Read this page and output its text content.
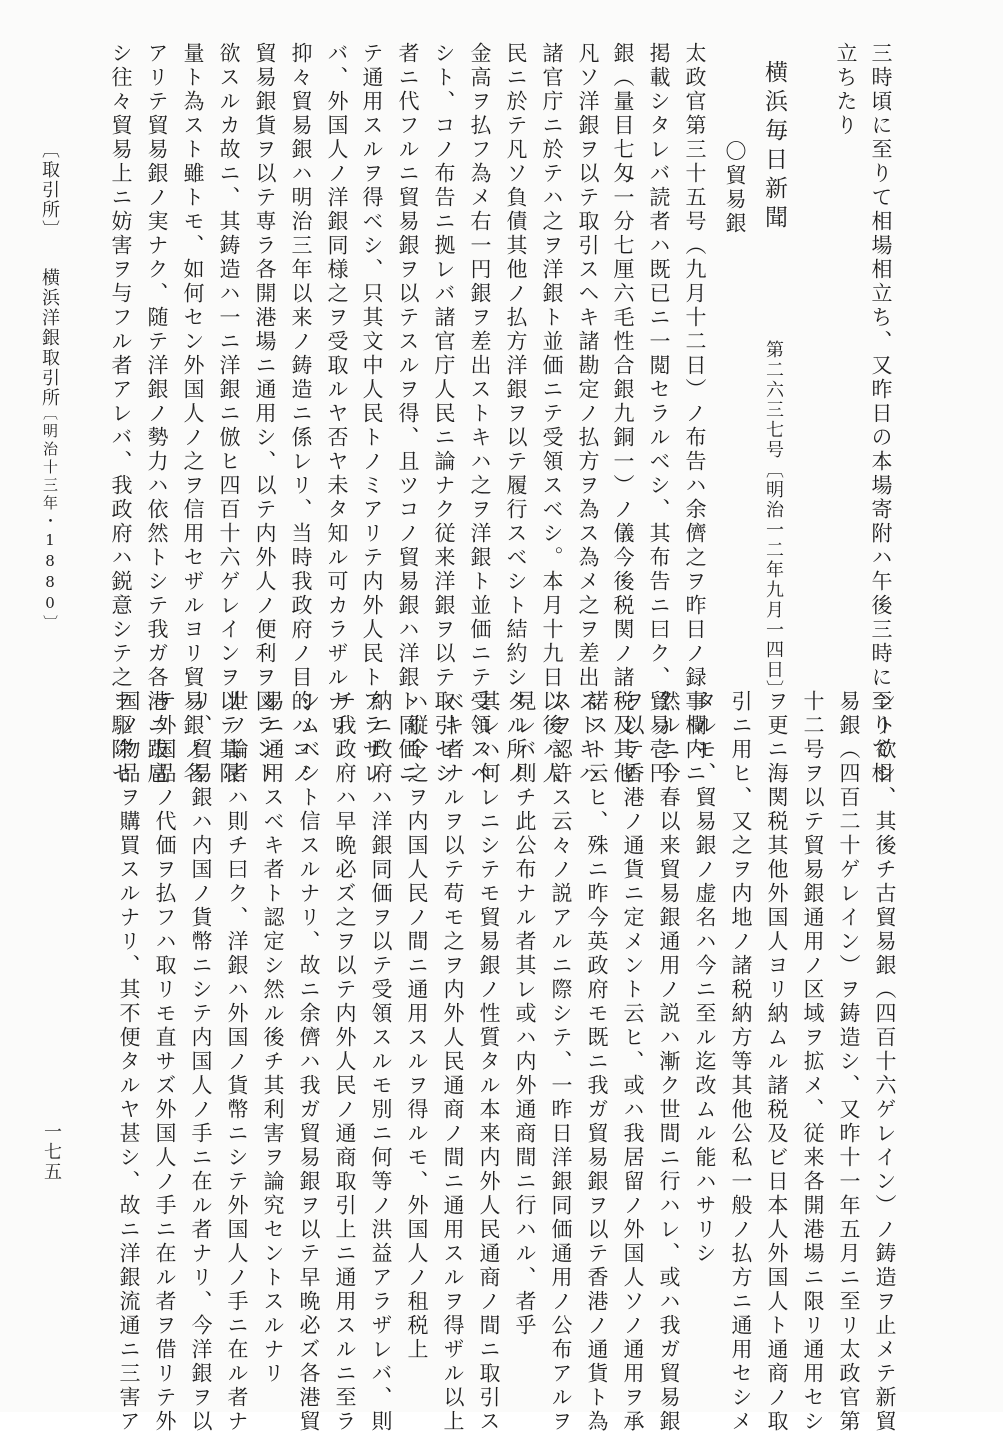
三時頃に至りて相場相立ち、又昨日の本場寄附ハ午後三時に至りて相
立ちたり
横浜毎日新聞
第二六三七号
〔明治一二年九月一四日〕
〇貿易銀
太政官第三十五号（九月十二日）ノ布告ハ余儕之ヲ昨日ノ録事欄内ニ
掲載シタレバ読者ハ既已ニ一閲セラルベシ、其布告ニ曰ク、貿易壱円
銀（量目七匁一分七厘六毛性合銀九銅一）ノ儀今後税関ノ諸税及其他
凡ソ洋銀ヲ以テ取引スヘキ諸勘定ノ払方ヲ為ス為メ之ヲ差出ストキハ
諸官庁ニ於テハ之ヲ洋銀ト並価ニテ受領スベシ。本月十九日以後ハ人
民ニ於テ凡ソ負債其他ノ払方洋銀ヲ以テ履行スベシト結約シタル所ノ
金高ヲ払フ為メ右一円銀ヲ差出ストキハ之ヲ洋銀ト並価ニテ受領スベ
シト、コノ布告ニ拠レバ諸官庁人民ニ論ナク従来洋銀ヲ以テ取引セシ
者ニ代フルニ貿易銀ヲ以テスルヲ得、且ツコノ貿易銀ハ洋銀ト同価ニ
テ通用スルヲ得ベシ、只其文中人民トノミアリテ内外人民トアラザレ
バ、外国人ノ洋銀同様之ヲ受取ルヤ否ヤ未タ知ル可カラザルナリ
抑々貿易銀ハ明治三年以来ノ鋳造ニ係レリ、当時我政府ノ目的ハコノ
貿易銀貨ヲ以テ専ラ各開港場ニ通用シ、以テ内外人ノ便利ヲ図ラント
欲スルカ故ニ、其鋳造ハ一ニ洋銀ニ倣ヒ四百十六ゲレインヲ以テ其限
量ト為スト雖トモ、如何セン外国人ノ之ヲ信用セザルヨリ貿易銀ノ名
アリテ貿易銀ノ実ナク、随テ洋銀ノ勢力ハ依然トシテ我ガ各港ニ跋扈
シ往々貿易上ニ妨害ヲ与フル者アレバ、我政府ハ鋭意シテ之ヲ駆除セ
〔取引所〕
横浜洋銀取引所
〔明治十三年・1880〕
ント欲シ、其後チ古貿易銀（四百十六ゲレイン）ノ鋳造ヲ止メテ新貿
易銀（四百二十ゲレイン）ヲ鋳造シ、又昨十一年五月ニ至リ太政官第
十二号ヲ以テ貿易銀通用ノ区域ヲ拡メ、従来各開港場ニ限リ通用セシ
ヲ更ニ海関税其他外国人ヨリ納ムル諸税及ビ日本人外国人ト通商ノ取
引ニ用ヒ、又之ヲ内地ノ諸税納方等其他公私一般ノ払方ニ通用セシメ
タルモ、貿易銀ノ虚名ハ今ニ至ル迄改ムル能ハサリシ
然ルニ今春以来貿易銀通用ノ説ハ漸ク世間ニ行ハレ、或ハ我ガ貿易銀
ヲ以テ香港ノ通貨ニ定メント云ヒ、或ハ我居留ノ外国人ソノ通用ヲ承
諾スト云ヒ、殊ニ昨今英政府モ既ニ我ガ貿易銀ヲ以テ香港ノ通貨ト為
スヲ認許ス云々ノ説アルニ際シテ、一昨日洋銀同価通用ノ公布アルヲ
見レバ則チ此公布ナル者其レ或ハ内外通商間ニ行ハル、者乎
其レハ何レニシテモ貿易銀ノ性質タル本来内外人民通商ノ間ニ取引ス
ベキ者ナルヲ以テ苟モ之ヲ内外人民通商ノ間ニ通用スルヲ得ザル以上
ハ縦令之ヲ内国人民ノ間ニ通用スルヲ得ルモ、外国人ノ租税上
納ニ政府ハ洋銀同価ヲ以テ受領スルモ別ニ何等ノ洪益アラザレバ、則
チ我政府ハ早晩必ズ之ヲ以テ内外人民ノ通商取引上ニ通用スルニ至ラ
シムベシト信スルナリ、故ニ余儕ハ我ガ貿易銀ヲ以テ早晩必ズ各港貿
易ニ通用スベキ者ト認定シ然ル後チ其利害ヲ論究セントスルナリ
世ノ論者ハ則チ曰ク、洋銀ハ外国ノ貨幣ニシテ外国人ノ手ニ在ル者ナ
リ、貿易銀ハ内国ノ貨幣ニシテ内国人ノ手ニ在ル者ナリ、今洋銀ヲ以
テ外国品ノ代価ヲ払フハ取リモ直サズ外国人ノ手ニ在ル者ヲ借リテ外
国ノ物品ヲ購買スルナリ、其不便タルヤ甚シ、故ニ洋銀流通ニ三害ア
一七五
